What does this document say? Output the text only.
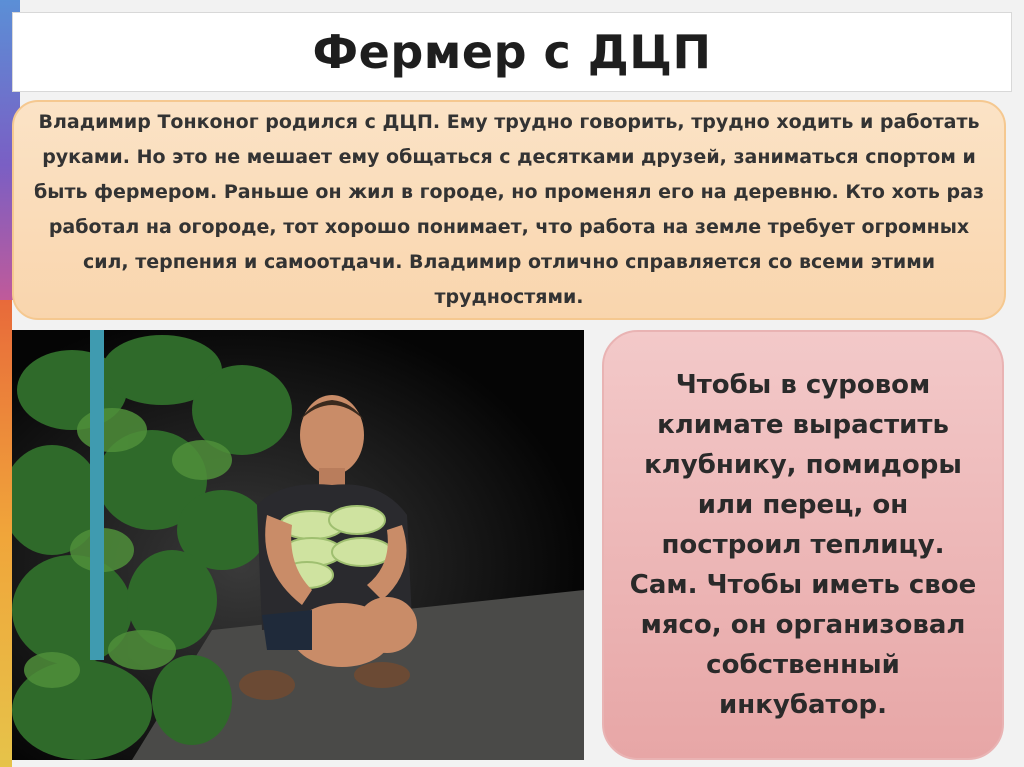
Фермер с ДЦП

Владимир Тонконог родился с ДЦП. Ему трудно говорить, трудно ходить и работать руками. Но это не мешает ему общаться с десятками друзей, заниматься спортом и быть фермером. Раньше он жил в городе, но променял его на деревню. Кто хоть раз работал на огороде, тот хорошо понимает, что работа на земле требует огромных сил, терпения и самоотдачи. Владимир отлично справляется со всеми этими трудностями.

Чтобы в суровом климате вырастить клубнику, помидоры или перец, он построил теплицу. Сам. Чтобы иметь свое мясо, он организовал собственный инкубатор.
